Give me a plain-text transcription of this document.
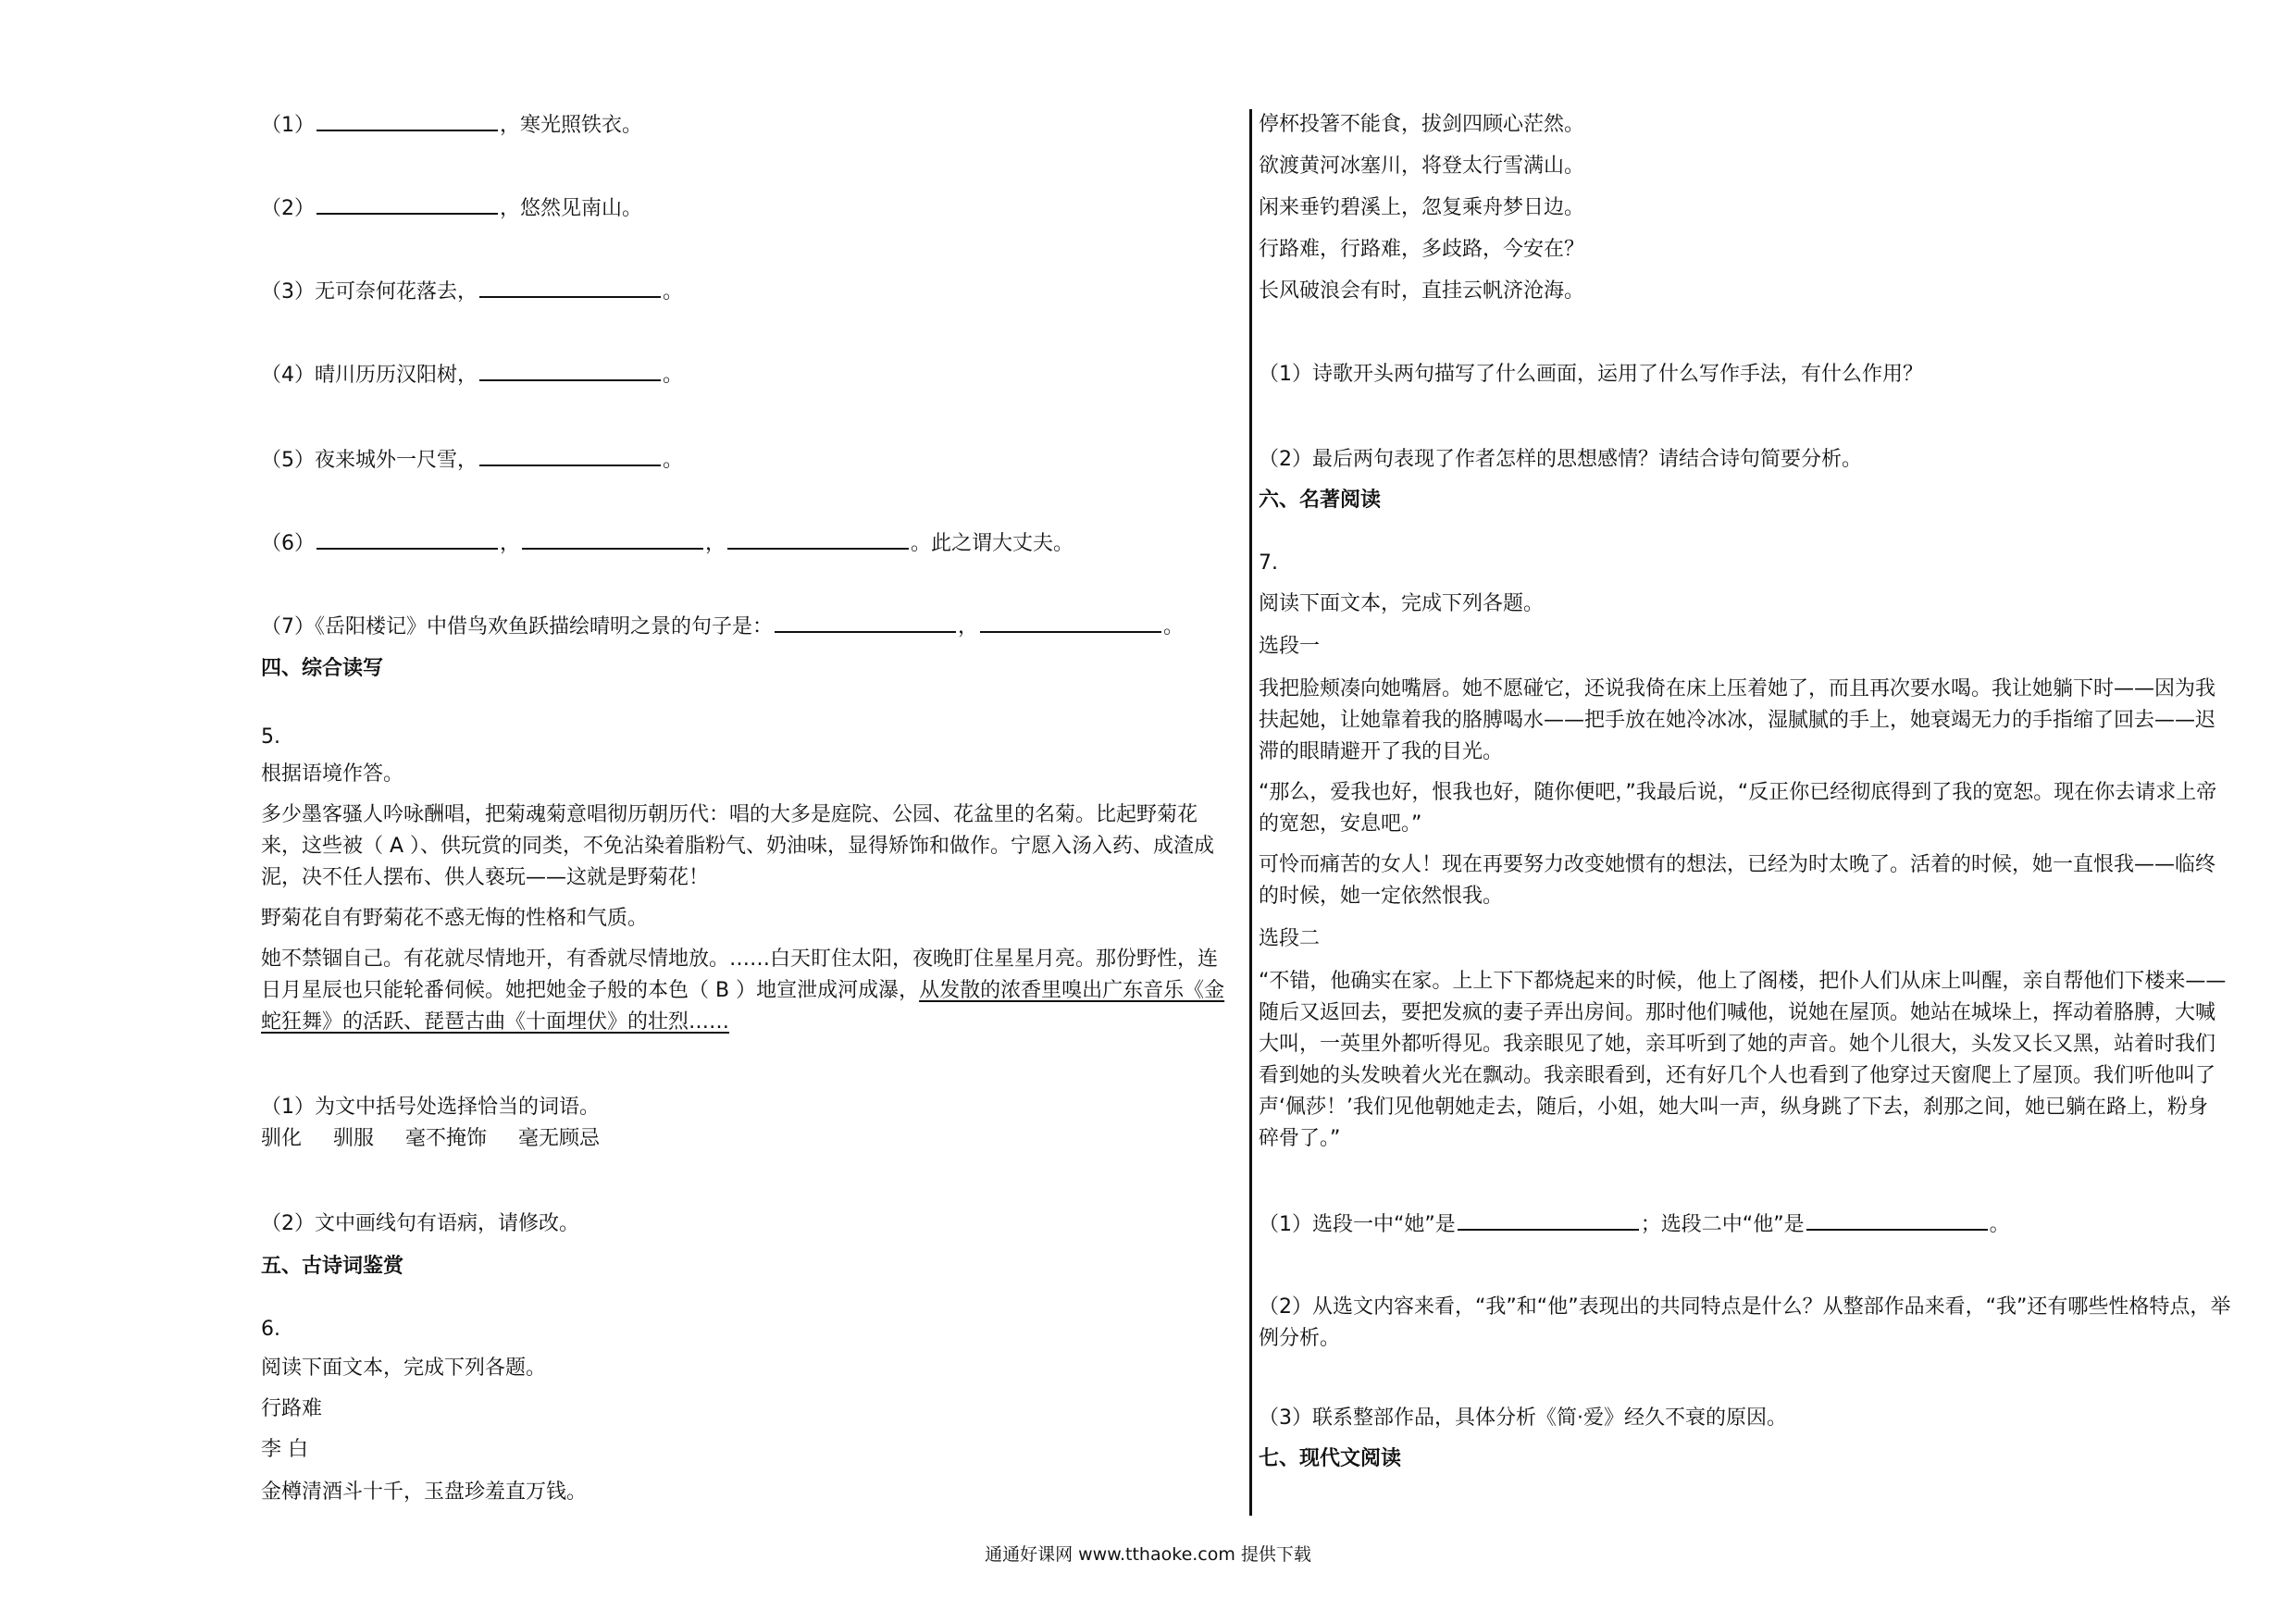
（1）	，寒光照铁衣。
（2）	，悠然见南山。
（3）无可奈何花落去，	。
（4）晴川历历汉阳树，	。
（5）夜来城外一尺雪，	。
（6）	，	，	。此之谓大丈夫。
（7）《岳阳楼记》中借鸟欢鱼跃描绘晴明之景的句子是：	，	。
四、综合读写
5.
根据语境作答。
多少墨客骚人吟咏酬唱，把菊魂菊意唱彻历朝历代：唱的大多是庭院、公园、花盆里的名菊。比起野菊花
来，这些被（ A ）、供玩赏的同类，不免沾染着脂粉气、奶油味，显得矫饰和做作。宁愿入汤入药、成渣成
泥，决不任人摆布、供人亵玩——这就是野菊花！
野菊花自有野菊花不惑无悔的性格和气质。
她不禁锢自己。有花就尽情地开，有香就尽情地放。……白天盯住太阳，夜晚盯住星星月亮。那份野性，连
日月星辰也只能轮番伺候。她把她金子般的本色（ B ）地宣泄成河成瀑，从发散的浓香里嗅出广东音乐《金
蛇狂舞》的活跃、琵琶古曲《十面埋伏》的壮烈……
（1）为文中括号处选择恰当的词语。
驯化 驯服 毫不掩饰 毫无顾忌
（2）文中画线句有语病，请修改。
五、古诗词鉴赏
6.
阅读下面文本，完成下列各题。
行路难
李 白
金樽清酒斗十千，玉盘珍羞直万钱。
停杯投箸不能食，拔剑四顾心茫然。
欲渡黄河冰塞川，将登太行雪满山。
闲来垂钓碧溪上，忽复乘舟梦日边。
行路难，行路难，多歧路，今安在？
长风破浪会有时，直挂云帆济沧海。
（1）诗歌开头两句描写了什么画面，运用了什么写作手法，有什么作用？
（2）最后两句表现了作者怎样的思想感情？请结合诗句简要分析。
六、名著阅读
7.
阅读下面文本，完成下列各题。
选段一
我把脸颊凑向她嘴唇。她不愿碰它，还说我倚在床上压着她了，而且再次要水喝。我让她躺下时——因为我
扶起她，让她靠着我的胳膊喝水——把手放在她冷冰冰，湿腻腻的手上，她衰竭无力的手指缩了回去——迟
滞的眼睛避开了我的目光。
“那么，爱我也好，恨我也好，随你便吧，”我最后说，“反正你已经彻底得到了我的宽恕。现在你去请求上帝
的宽恕，安息吧。”
可怜而痛苦的女人！现在再要努力改变她惯有的想法，已经为时太晚了。活着的时候，她一直恨我——临终
的时候，她一定依然恨我。
选段二
“不错，他确实在家。上上下下都烧起来的时候，他上了阁楼，把仆人们从床上叫醒，亲自帮他们下楼来——
随后又返回去，要把发疯的妻子弄出房间。那时他们喊他，说她在屋顶。她站在城垛上，挥动着胳膊，大喊
大叫，一英里外都听得见。我亲眼见了她，亲耳听到了她的声音。她个儿很大，头发又长又黑，站着时我们
看到她的头发映着火光在飘动。我亲眼看到，还有好几个人也看到了他穿过天窗爬上了屋顶。我们听他叫了
声‘佩莎！’我们见他朝她走去，随后，小姐，她大叫一声，纵身跳了下去，刹那之间，她已躺在路上，粉身
碎骨了。”
（1）选段一中“她”是	；选段二中“他”是	。
（2）从选文内容来看，“我”和“他”表现出的共同特点是什么？从整部作品来看，“我”还有哪些性格特点，举
例分析。
（3）联系整部作品，具体分析《简·爱》经久不衰的原因。
七、现代文阅读
通通好课网 www.tthaoke.com 提供下载
